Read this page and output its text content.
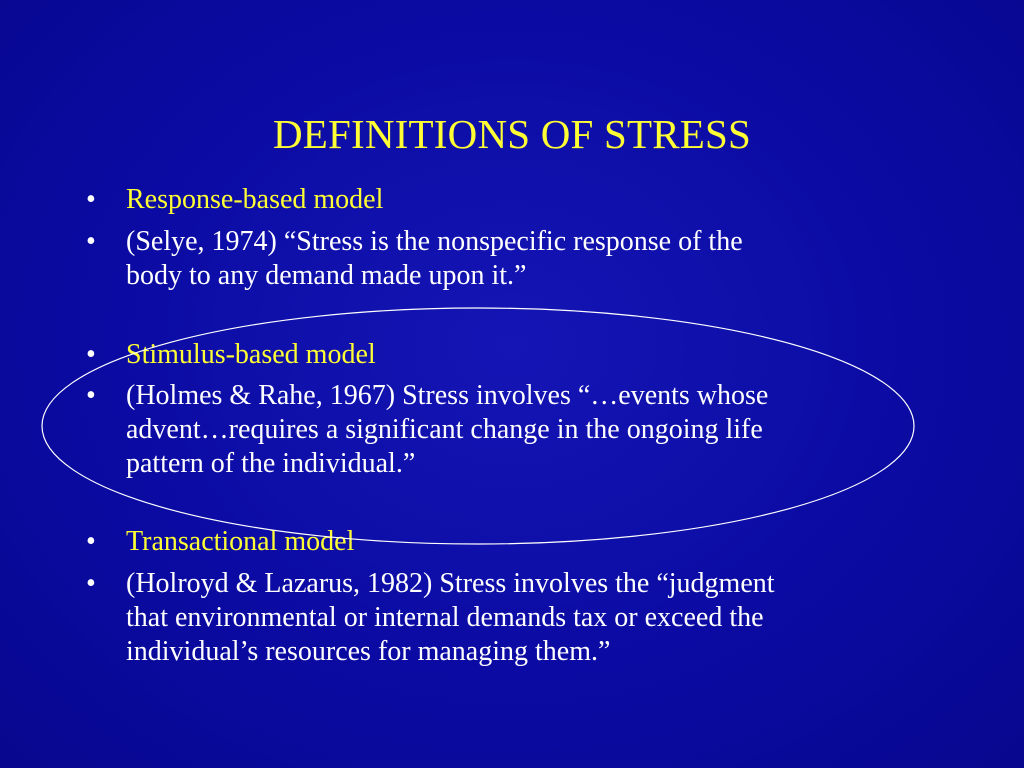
DEFINITIONS OF STRESS
•	Response-based model
•	(Selye, 1974) “Stress is the nonspecific response of the
body to any demand made upon it.”
•	Stimulus-based model
•	(Holmes & Rahe, 1967) Stress involves “…events whose
advent…requires a significant change in the ongoing life
pattern of the individual.”
•	Transactional model
•	(Holroyd & Lazarus, 1982) Stress involves the “judgment
that environmental or internal demands tax or exceed the
individual’s resources for managing them.”
